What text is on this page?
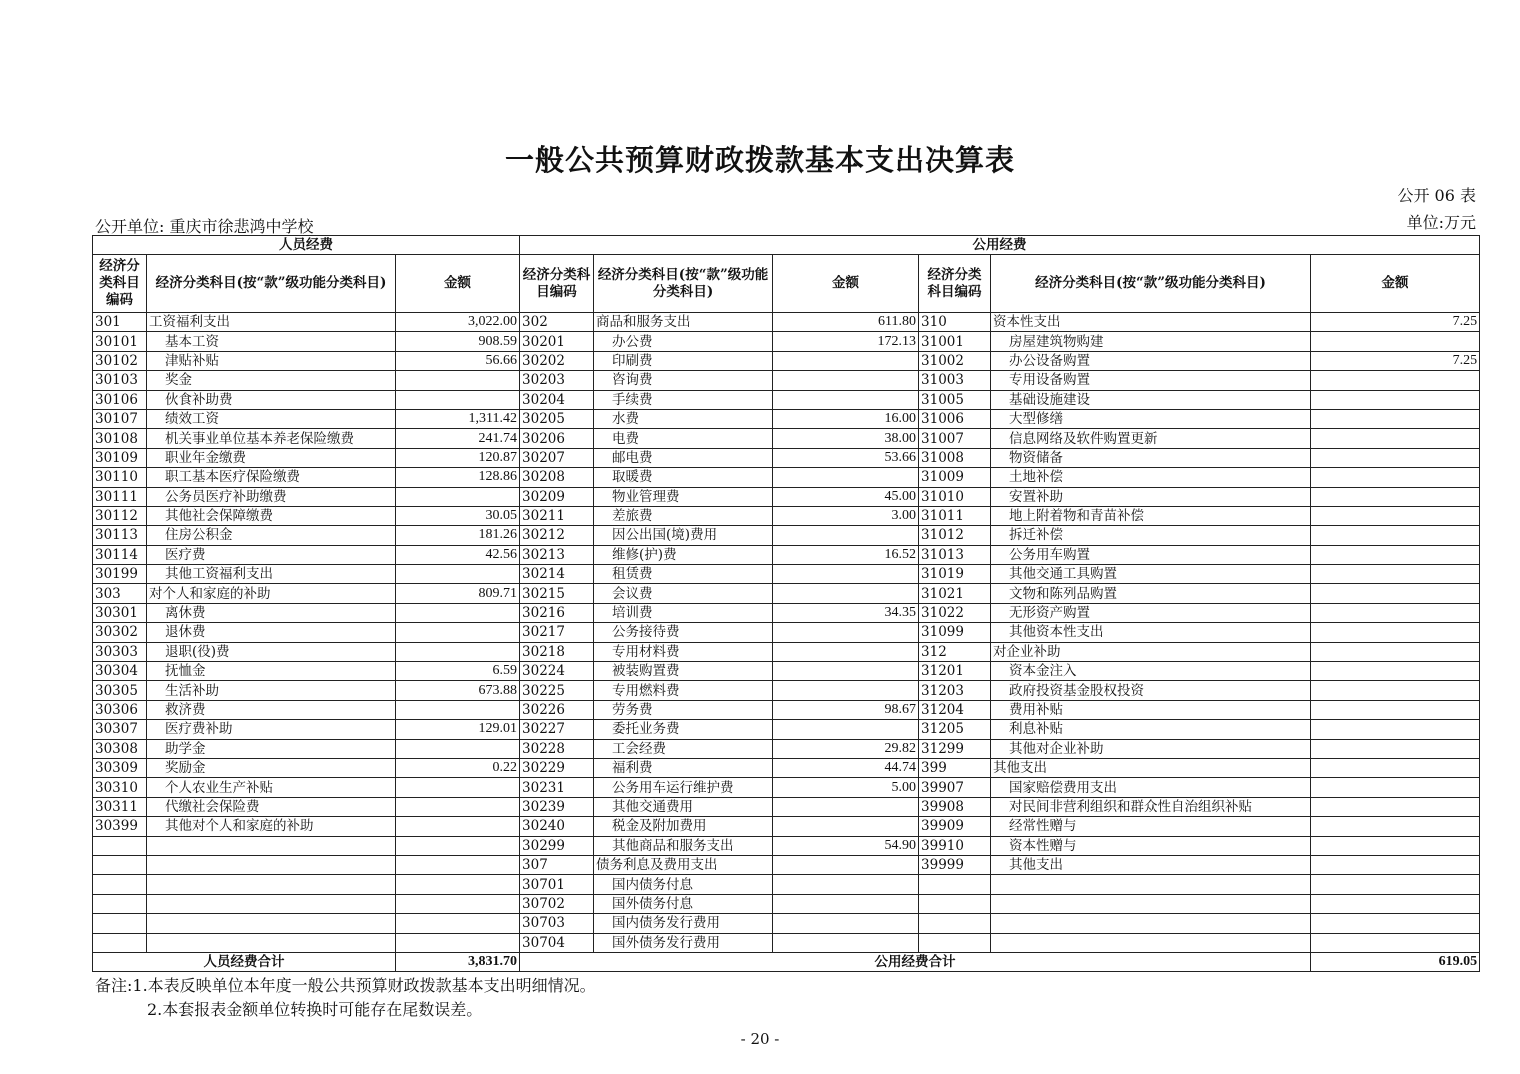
一般公共预算财政拨款基本支出决算表
公开 06 表
公开单位: 重庆市徐悲鸿中学校	单位:万元
人员经费			公用经费					
经济分类科目编码	经济分类科目(按“款”级功能分类科目)	金额	经济分类科目编码	经济分类科目(按“款”级功能分类科目)	金额	经济分类科目编码	经济分类科目(按“款”级功能分类科目)	金额
301	工资福利支出	3,022.00	302	商品和服务支出	611.80	310	资本性支出	7.25
30101	基本工资	908.59	30201	办公费	172.13	31001	房屋建筑物购建	
30102	津贴补贴	56.66	30202	印刷费		31002	办公设备购置	7.25
30103	奖金		30203	咨询费		31003	专用设备购置	
30106	伙食补助费		30204	手续费		31005	基础设施建设	
30107	绩效工资	1,311.42	30205	水费	16.00	31006	大型修缮	
30108	机关事业单位基本养老保险缴费	241.74	30206	电费	38.00	31007	信息网络及软件购置更新	
30109	职业年金缴费	120.87	30207	邮电费	53.66	31008	物资储备	
30110	职工基本医疗保险缴费	128.86	30208	取暖费		31009	土地补偿	
30111	公务员医疗补助缴费		30209	物业管理费	45.00	31010	安置补助	
30112	其他社会保障缴费	30.05	30211	差旅费	3.00	31011	地上附着物和青苗补偿	
30113	住房公积金	181.26	30212	因公出国(境)费用		31012	拆迁补偿	
30114	医疗费	42.56	30213	维修(护)费	16.52	31013	公务用车购置	
30199	其他工资福利支出		30214	租赁费		31019	其他交通工具购置	
303	对个人和家庭的补助	809.71	30215	会议费		31021	文物和陈列品购置	
30301	离休费		30216	培训费	34.35	31022	无形资产购置	
30302	退休费		30217	公务接待费		31099	其他资本性支出	
30303	退职(役)费		30218	专用材料费		312	对企业补助	
30304	抚恤金	6.59	30224	被装购置费		31201	资本金注入	
30305	生活补助	673.88	30225	专用燃料费		31203	政府投资基金股权投资	
30306	救济费		30226	劳务费	98.67	31204	费用补贴	
30307	医疗费补助	129.01	30227	委托业务费		31205	利息补贴	
30308	助学金		30228	工会经费	29.82	31299	其他对企业补助	
30309	奖励金	0.22	30229	福利费	44.74	399	其他支出	
30310	个人农业生产补贴		30231	公务用车运行维护费	5.00	39907	国家赔偿费用支出	
30311	代缴社会保险费		30239	其他交通费用		39908	对民间非营利组织和群众性自治组织补贴	
30399	其他对个人和家庭的补助		30240	税金及附加费用		39909	经常性赠与	
			30299	其他商品和服务支出	54.90	39910	资本性赠与	
			307	债务利息及费用支出		39999	其他支出	
			30701	国内债务付息				
			30702	国外债务付息				
			30703	国内债务发行费用				
			30704	国外债务发行费用				
人员经费合计		3,831.70	公用经费合计					619.05
备注:1.本表反映单位本年度一般公共预算财政拨款基本支出明细情况。
2.本套报表金额单位转换时可能存在尾数误差。
- 20 -
